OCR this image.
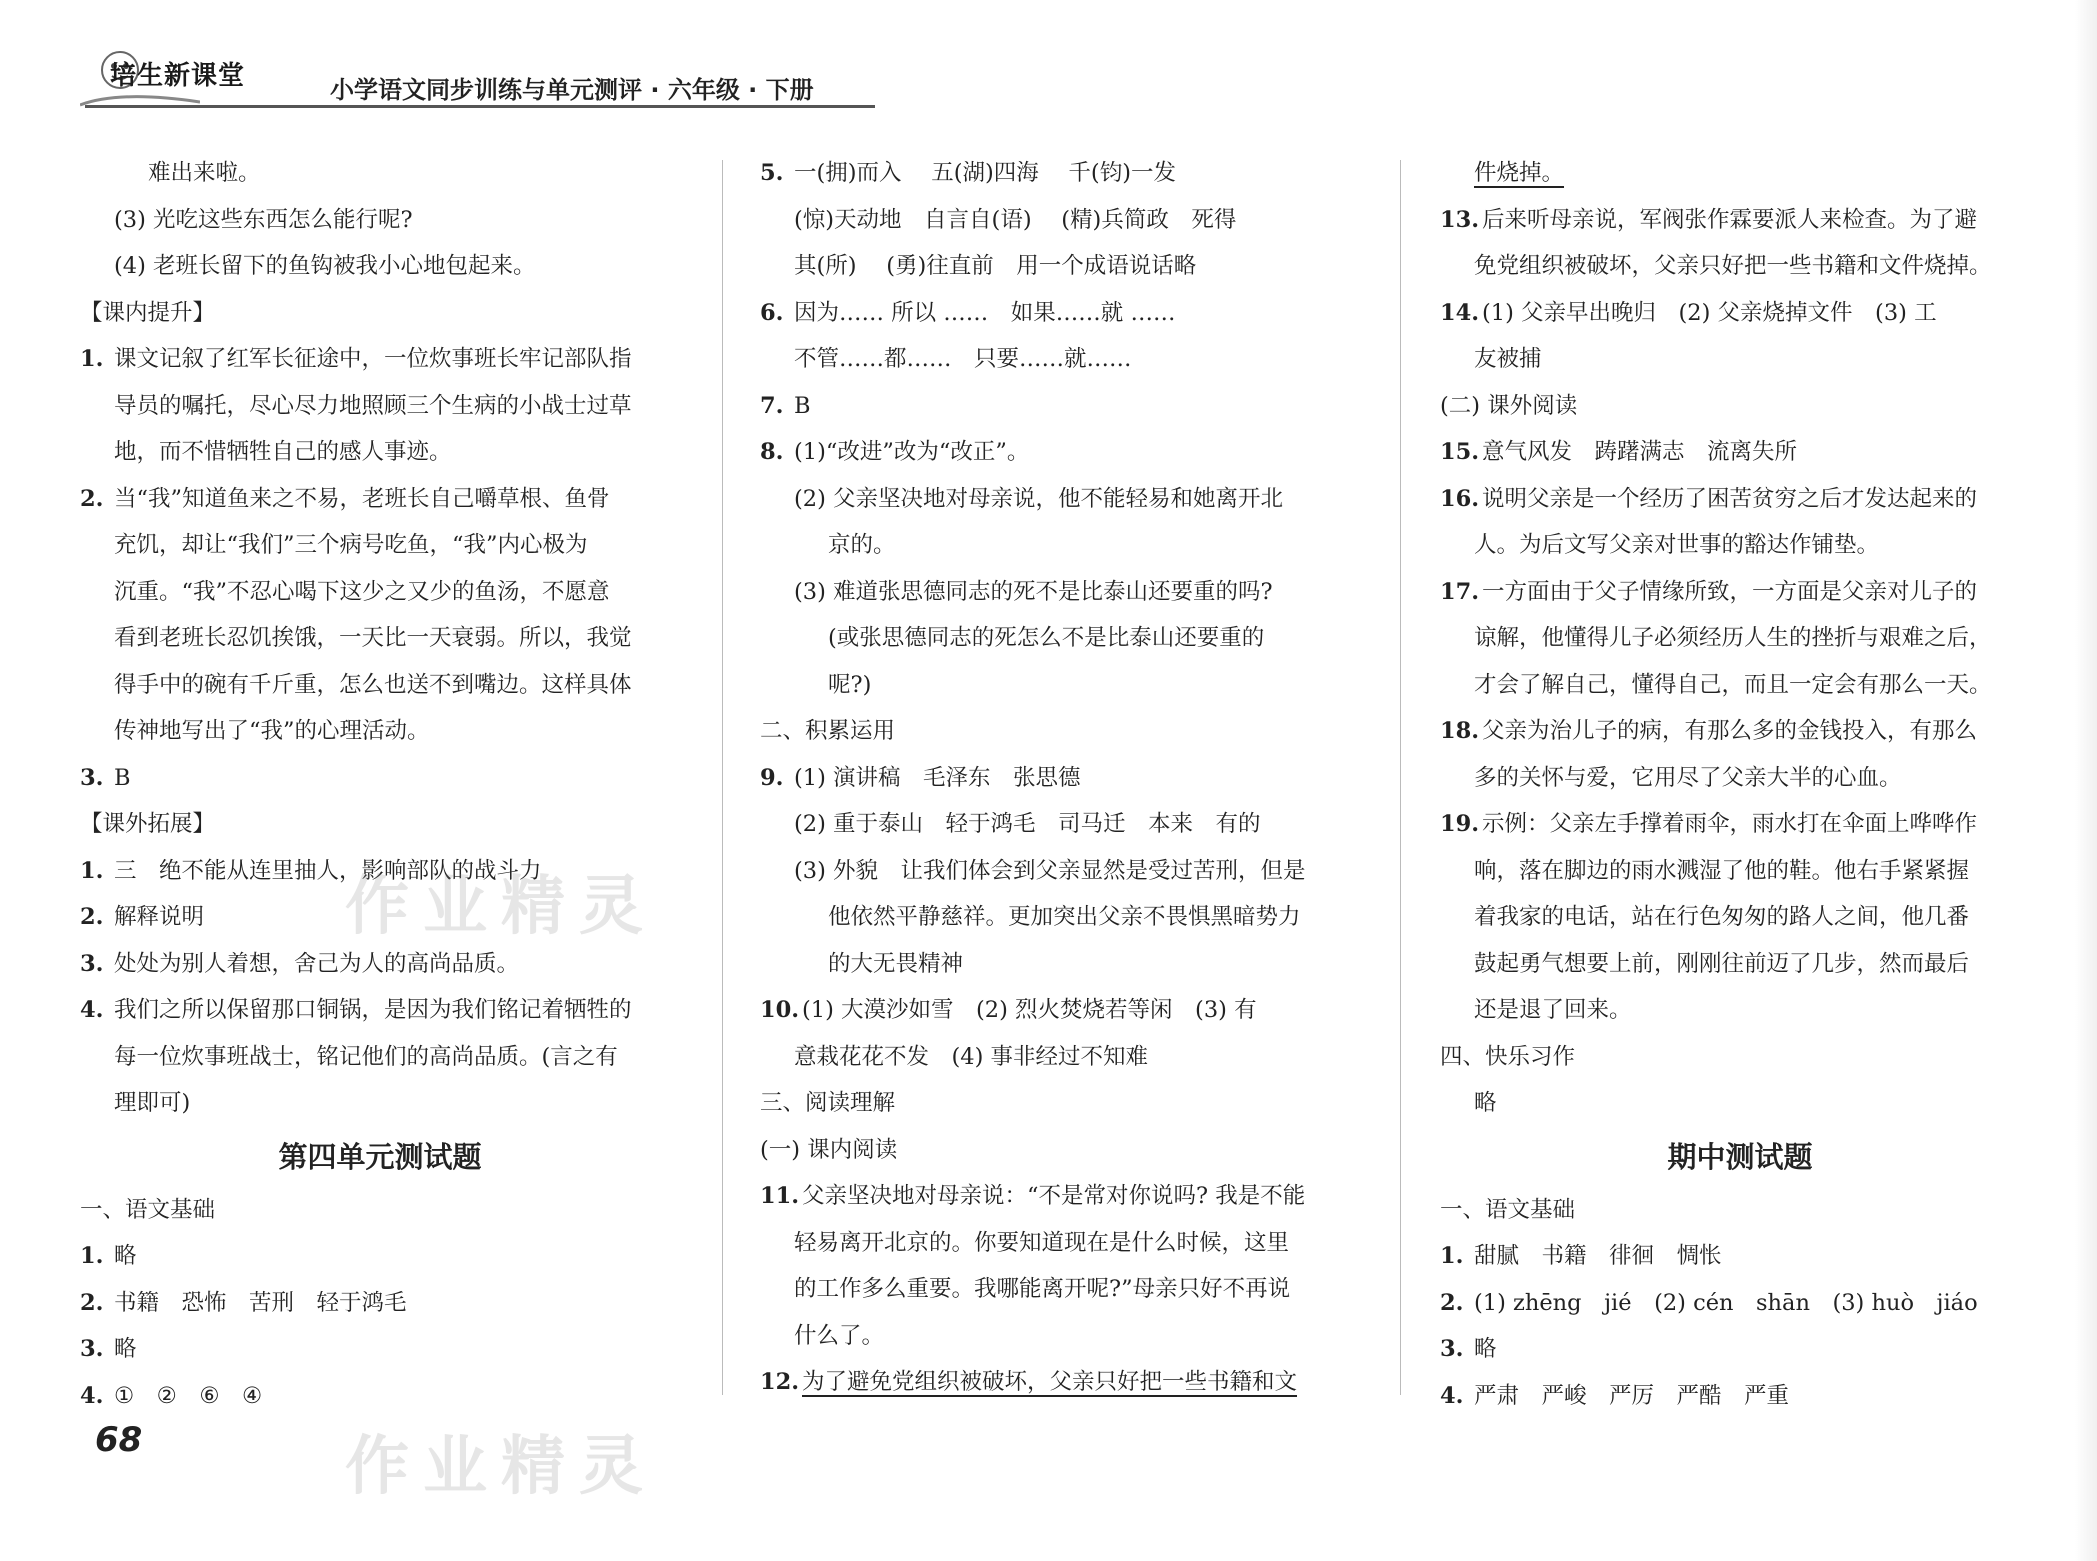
培生新课堂	小学语文同步训练与单元测评 · 六年级 · 下册
难出来啦。
(3) 光吃这些东西怎么能行呢?
(4) 老班长留下的鱼钩被我小心地包起来。
【课内提升】
1. 课文记叙了红军长征途中，一位炊事班长牢记部队指
导员的嘱托，尽心尽力地照顾三个生病的小战士过草
地，而不惜牺牲自己的感人事迹。
2. 当“我”知道鱼来之不易，老班长自己嚼草根、鱼骨
充饥，却让“我们”三个病号吃鱼，“我”内心极为
沉重。“我”不忍心喝下这少之又少的鱼汤，不愿意
看到老班长忍饥挨饿，一天比一天衰弱。所以，我觉
得手中的碗有千斤重，怎么也送不到嘴边。这样具体
传神地写出了“我”的心理活动。
3. B
【课外拓展】
1. 三　绝不能从连里抽人，影响部队的战斗力
2. 解释说明
3. 处处为别人着想，舍己为人的高尚品质。
4. 我们之所以保留那口铜锅，是因为我们铭记着牺牲的
每一位炊事班战士，铭记他们的高尚品质。(言之有
理即可)
第四单元测试题
一、语文基础
1. 略
2. 书籍　恐怖　苦刑　轻于鸿毛
3. 略
4. ①　②　⑥　④
5. 一(拥)而入　 五(湖)四海　 千(钧)一发
(惊)天动地　自言自(语)　 (精)兵简政　死得
其(所)　 (勇)往直前　用一个成语说话略
6. 因为…… 所以 ……　如果……就 ……
不管……都……　只要……就……
7. B
8. (1)“改进”改为“改正”。
(2) 父亲坚决地对母亲说，他不能轻易和她离开北
京的。
(3) 难道张思德同志的死不是比泰山还要重的吗?
(或张思德同志的死怎么不是比泰山还要重的
呢?)
二、积累运用
9. (1) 演讲稿　毛泽东　张思德
(2) 重于泰山　轻于鸿毛　司马迁　本来　有的
(3) 外貌　让我们体会到父亲显然是受过苦刑，但是
他依然平静慈祥。更加突出父亲不畏惧黑暗势力
的大无畏精神
10. (1) 大漠沙如雪　(2) 烈火焚烧若等闲　(3) 有
意栽花花不发　(4) 事非经过不知难
三、阅读理解
(一) 课内阅读
11. 父亲坚决地对母亲说：“不是常对你说吗? 我是不能
轻易离开北京的。你要知道现在是什么时候，这里
的工作多么重要。我哪能离开呢?”母亲只好不再说
什么了。
12. 为了避免党组织被破坏，父亲只好把一些书籍和文
件烧掉。
13. 后来听母亲说，军阀张作霖要派人来检查。为了避
免党组织被破坏，父亲只好把一些书籍和文件烧掉。
14. (1) 父亲早出晚归　(2) 父亲烧掉文件　(3) 工
友被捕
(二) 课外阅读
15. 意气风发　踌躇满志　流离失所
16. 说明父亲是一个经历了困苦贫穷之后才发达起来的
人。为后文写父亲对世事的豁达作铺垫。
17. 一方面由于父子情缘所致，一方面是父亲对儿子的
谅解，他懂得儿子必须经历人生的挫折与艰难之后，
才会了解自己，懂得自己，而且一定会有那么一天。
18. 父亲为治儿子的病，有那么多的金钱投入，有那么
多的关怀与爱，它用尽了父亲大半的心血。
19. 示例：父亲左手撑着雨伞，雨水打在伞面上哗哗作
响，落在脚边的雨水溅湿了他的鞋。他右手紧紧握
着我家的电话，站在行色匆匆的路人之间，他几番
鼓起勇气想要上前，刚刚往前迈了几步，然而最后
还是退了回来。
四、快乐习作
略
期中测试题
一、语文基础
1. 甜腻　书籍　徘徊　惆怅
2. (1) zhēng　jié　(2) cén　shān　(3) huò　jiáo
3. 略
4. 严肃　严峻　严厉　严酷　严重
作业精灵
作业精灵
68
